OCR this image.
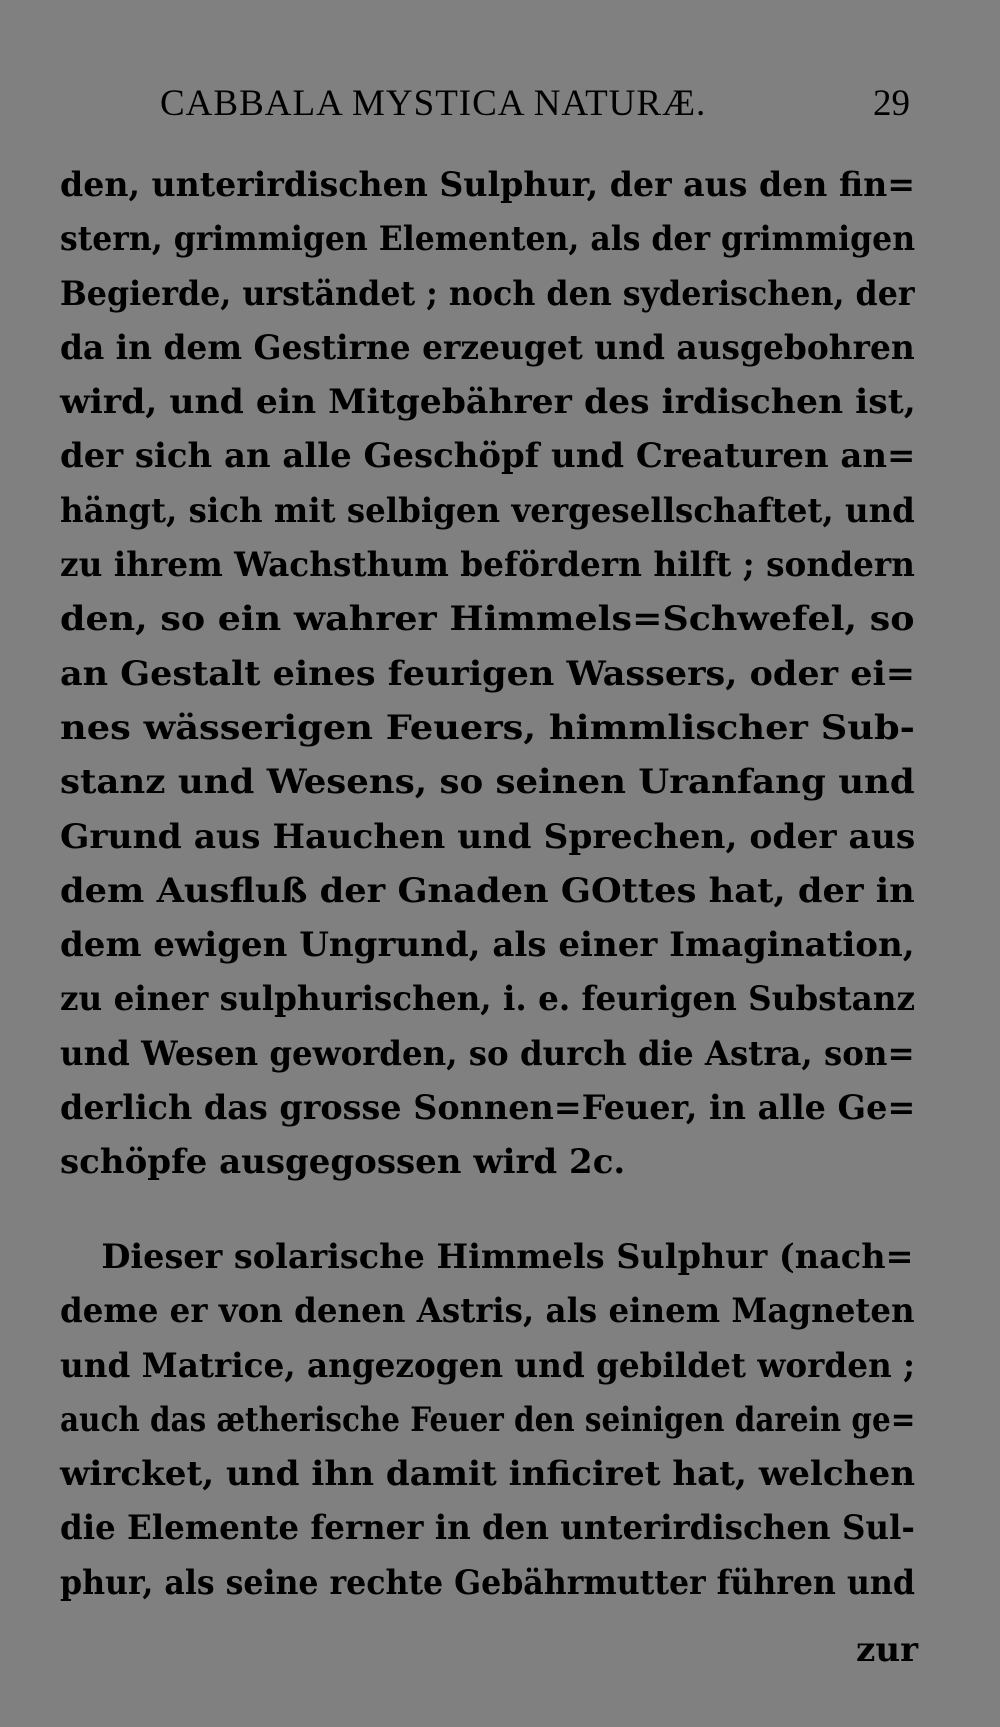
CABBALA MYSTICA NATURÆ.	29
den, unterirdischen Sulphur, der aus den fin=
stern, grimmigen Elementen, als der grimmigen
Begierde, urständet ; noch den syderischen, der
da in dem Gestirne erzeuget und ausgebohren
wird, und ein Mitgebährer des irdischen ist,
der sich an alle Geschöpf und Creaturen an=
hängt, sich mit selbigen vergesellschaftet, und
zu ihrem Wachsthum befördern hilft ; sondern
den, so ein wahrer Himmels=Schwefel, so
an Gestalt eines feurigen Wassers, oder ei=
nes wässerigen Feuers, himmlischer Sub-
stanz und Wesens, so seinen Uranfang und
Grund aus Hauchen und Sprechen, oder aus
dem Ausfluß der Gnaden GOttes hat, der in
dem ewigen Ungrund, als einer Imagination,
zu einer sulphurischen, i. e. feurigen Substanz
und Wesen geworden, so durch die Astra, son=
derlich das grosse Sonnen=Feuer, in alle Ge=
schöpfe ausgegossen wird 2c.
Dieser solarische Himmels Sulphur (nach=
deme er von denen Astris, als einem Magneten
und Matrice, angezogen und gebildet worden ;
auch das ætherische Feuer den seinigen darein ge=
wircket, und ihn damit inficiret hat, welchen
die Elemente ferner in den unterirdischen Sul-
phur, als seine rechte Gebährmutter führen und
zur
